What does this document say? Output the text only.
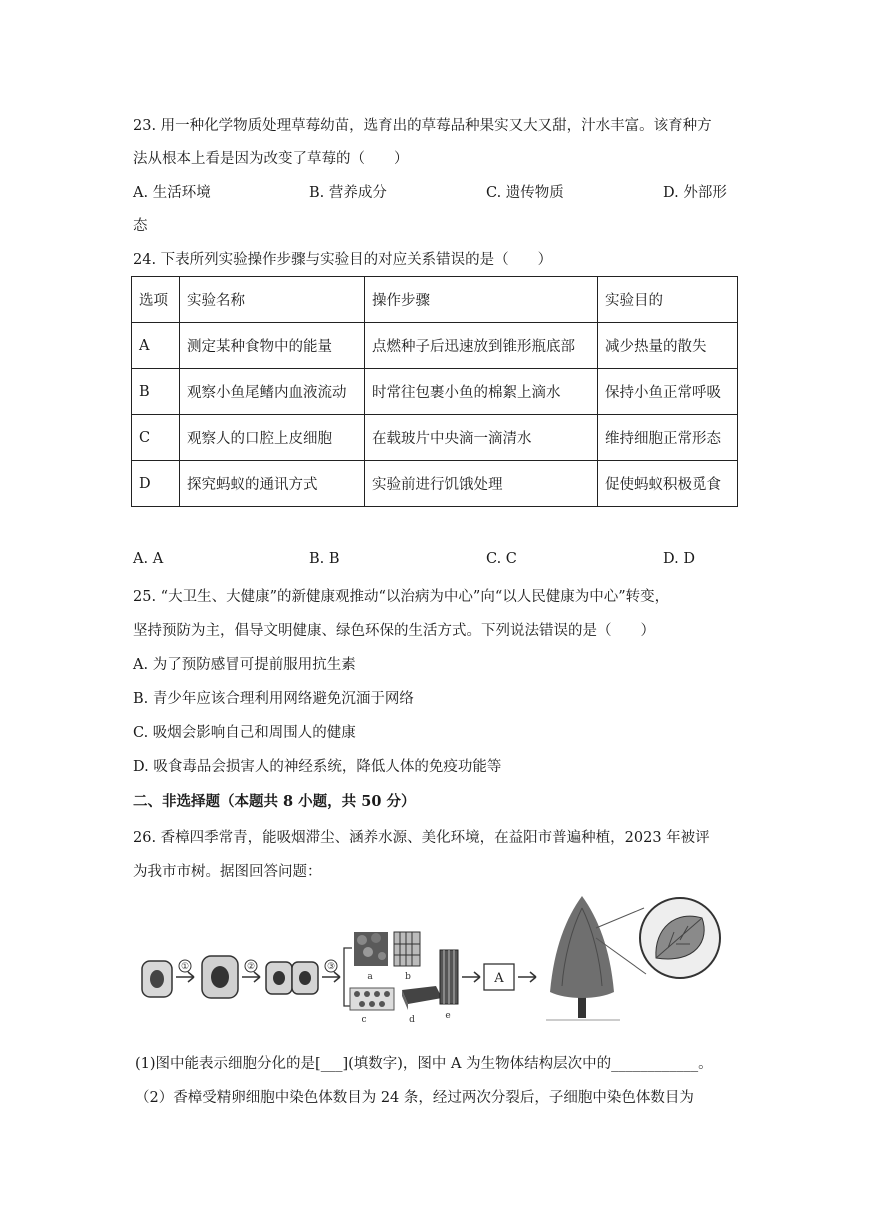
23. 用一种化学物质处理草莓幼苗，选育出的草莓品种果实又大又甜，汁水丰富。该育种方
法从根本上看是因为改变了草莓的（　　）
A. 生活环境	B. 营养成分	C. 遗传物质	D. 外部形
态
24. 下表所列实验操作步骤与实验目的对应关系错误的是（　　）
选项	实验名称	操作步骤	实验目的
A	测定某种食物中的能量	点燃种子后迅速放到锥形瓶底部	减少热量的散失
B	观察小鱼尾鳍内血液流动	时常往包裹小鱼的棉絮上滴水	保持小鱼正常呼吸
C	观察人的口腔上皮细胞	在载玻片中央滴一滴清水	维持细胞正常形态
D	探究蚂蚁的通讯方式	实验前进行饥饿处理	促使蚂蚁积极觅食
A. A	B. B	C. C	D. D
25. “大卫生、大健康”的新健康观推动“以治病为中心”向“以人民健康为中心”转变，
坚持预防为主，倡导文明健康、绿色环保的生活方式。下列说法错误的是（　　）
A. 为了预防感冒可提前服用抗生素
B. 青少年应该合理利用网络避免沉湎于网络
C. 吸烟会影响自己和周围人的健康
D. 吸食毒品会损害人的神经系统，降低人体的免疫功能等
二、非选择题（本题共 8 小题，共 50 分）
26. 香樟四季常青，能吸烟滞尘、涵养水源、美化环境，在益阳市普遍种植，2023 年被评
为我市市树。据图回答问题：
①	②	③
a	b
c	d	e
A
(1)图中能表示细胞分化的是[___](填数字)，图中 A 为生物体结构层次中的____________。
（2）香樟受精卵细胞中染色体数目为 24 条，经过两次分裂后，子细胞中染色体数目为
